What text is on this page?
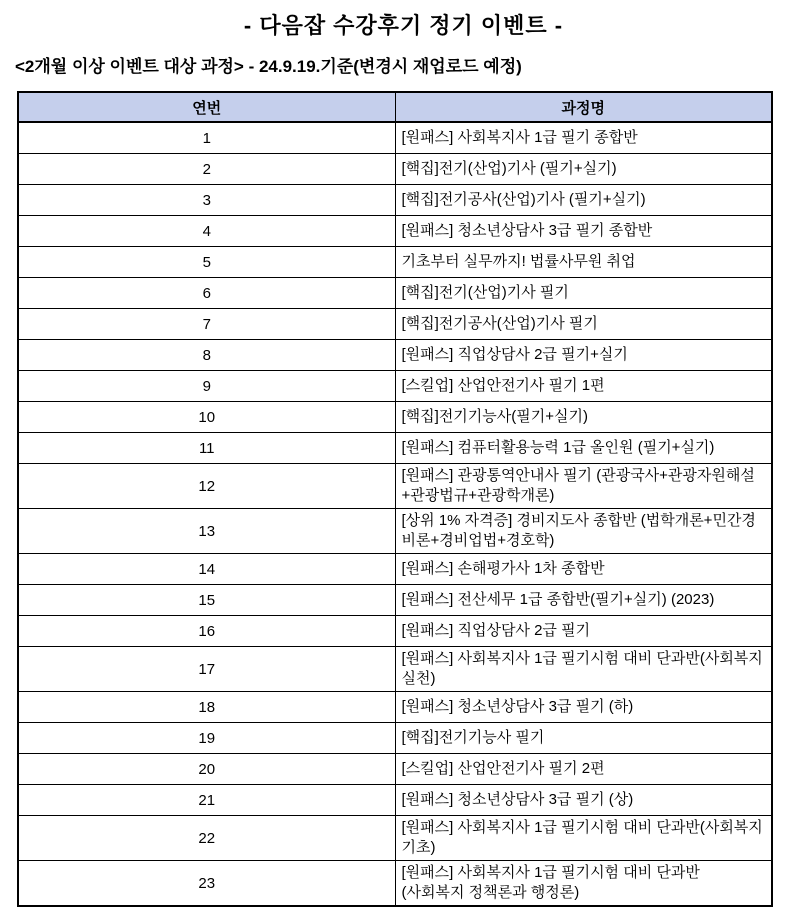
- 다음잡 수강후기 정기 이벤트 -
<2개월 이상 이벤트 대상 과정> - 24.9.19.기준(변경시 재업로드 예정)
연번	과정명
1	[원패스] 사회복지사 1급 필기 종합반
2	[핵집]전기(산업)기사 (필기+실기)
3	[핵집]전기공사(산업)기사 (필기+실기)
4	[원패스] 청소년상담사 3급 필기 종합반
5	기초부터 실무까지! 법률사무원 취업
6	[핵집]전기(산업)기사 필기
7	[핵집]전기공사(산업)기사 필기
8	[원패스] 직업상담사 2급 필기+실기
9	[스킬업] 산업안전기사 필기 1편
10	[핵집]전기기능사(필기+실기)
11	[원패스] 컴퓨터활용능력 1급 올인원 (필기+실기)
12	[원패스] 관광통역안내사 필기 (관광국사+관광자원해설+관광법규+관광학개론)
13	[상위 1% 자격증] 경비지도사 종합반 (법학개론+민간경비론+경비업법+경호학)
14	[원패스] 손해평가사 1차 종합반
15	[원패스] 전산세무 1급 종합반(필기+실기) (2023)
16	[원패스] 직업상담사 2급 필기
17	[원패스] 사회복지사 1급 필기시험 대비 단과반(사회복지 실천)
18	[원패스] 청소년상담사 3급 필기 (하)
19	[핵집]전기기능사 필기
20	[스킬업] 산업안전기사 필기 2편
21	[원패스] 청소년상담사 3급 필기 (상)
22	[원패스] 사회복지사 1급 필기시험 대비 단과반(사회복지 기초)
23	[원패스] 사회복지사 1급 필기시험 대비 단과반
(사회복지 정책론과 행정론)
